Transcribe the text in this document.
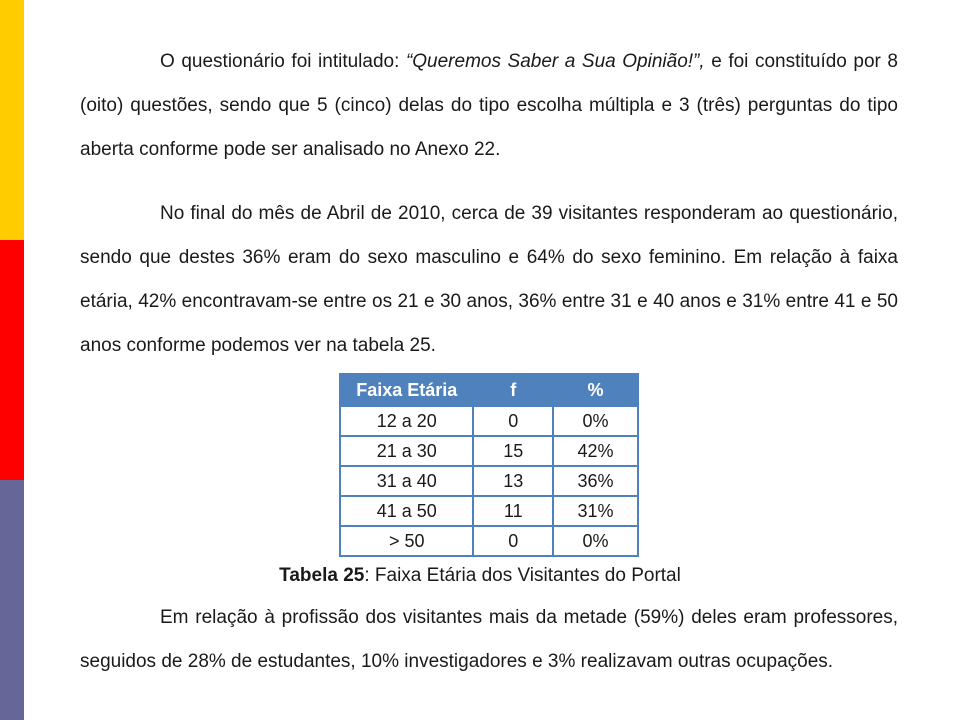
O questionário foi intitulado: “Queremos Saber a Sua Opinião!”, e foi constituído por 8 (oito) questões, sendo que 5 (cinco) delas do tipo escolha múltipla e 3 (três) perguntas do tipo aberta conforme pode ser analisado no Anexo 22.

No final do mês de Abril de 2010, cerca de 39 visitantes responderam ao questionário, sendo que destes 36% eram do sexo masculino e 64% do sexo feminino. Em relação à faixa etária, 42% encontravam-se entre os 21 e 30 anos, 36% entre 31 e 40 anos e 31% entre 41 e 50 anos conforme podemos ver na tabela 25.

Faixa Etária	f	%
12 a 20	0	0%
21 a 30	15	42%
31 a 40	13	36%
41 a 50	11	31%
> 50	0	0%
Tabela 25: Faixa Etária dos Visitantes do Portal

Em relação à profissão dos visitantes mais da metade (59%) deles eram professores, seguidos de 28% de estudantes, 10% investigadores e 3% realizavam outras ocupações.
